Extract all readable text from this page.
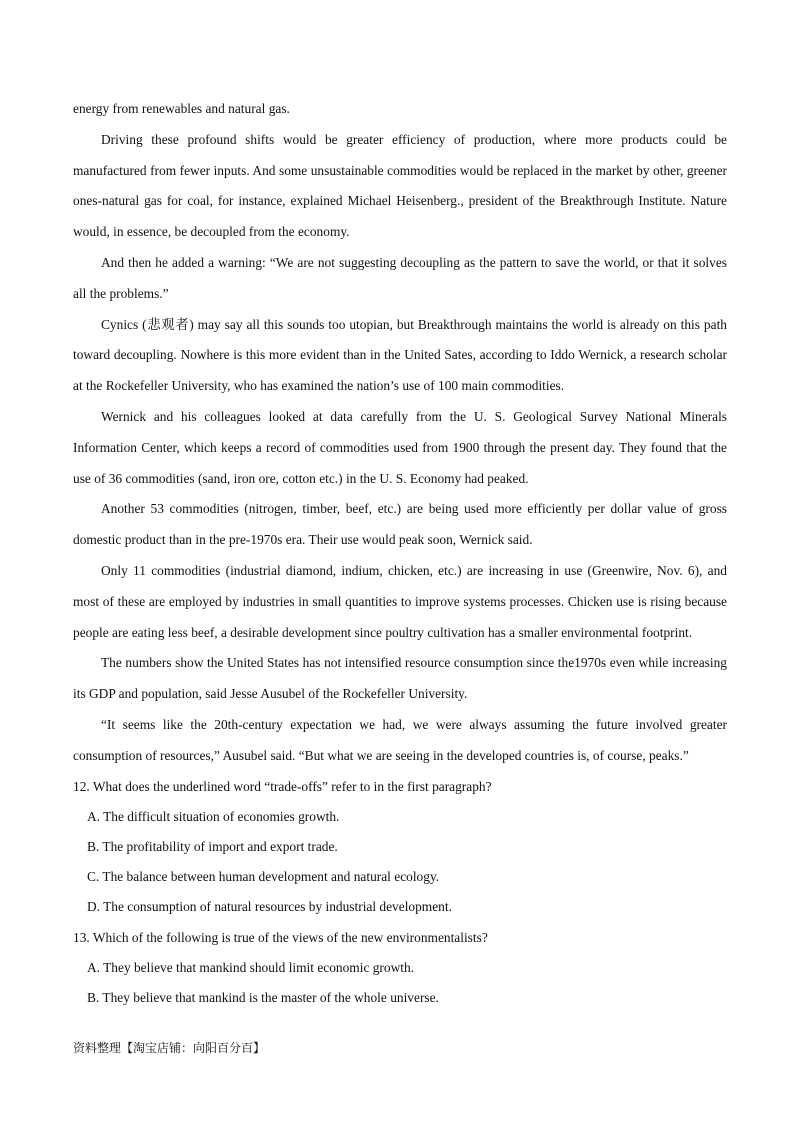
energy from renewables and natural gas.

Driving these profound shifts would be greater efficiency of production, where more products could be manufactured from fewer inputs. And some unsustainable commodities would be replaced in the market by other, greener ones-natural gas for coal, for instance, explained Michael Heisenberg., president of the Breakthrough Institute. Nature would, in essence, be decoupled from the economy.

And then he added a warning: “We are not suggesting decoupling as the pattern to save the world, or that it solves all the problems.”

Cynics (悲观者) may say all this sounds too utopian, but Breakthrough maintains the world is already on this path toward decoupling. Nowhere is this more evident than in the United Sates, according to Iddo Wernick, a research scholar at the Rockefeller University, who has examined the nation’s use of 100 main commodities.

Wernick and his colleagues looked at data carefully from the U. S. Geological Survey National Minerals Information Center, which keeps a record of commodities used from 1900 through the present day. They found that the use of 36 commodities (sand, iron ore, cotton etc.) in the U. S. Economy had peaked.

Another 53 commodities (nitrogen, timber, beef, etc.) are being used more efficiently per dollar value of gross domestic product than in the pre-1970s era. Their use would peak soon, Wernick said.

Only 11 commodities (industrial diamond, indium, chicken, etc.) are increasing in use (Greenwire, Nov. 6), and most of these are employed by industries in small quantities to improve systems processes. Chicken use is rising because people are eating less beef, a desirable development since poultry cultivation has a smaller environmental footprint.

The numbers show the United States has not intensified resource consumption since the1970s even while increasing its GDP and population, said Jesse Ausubel of the Rockefeller University.

“It seems like the 20th-century expectation we had, we were always assuming the future involved greater consumption of resources,” Ausubel said. “But what we are seeing in the developed countries is, of course, peaks.”

12. What does the underlined word “trade-offs” refer to in the first paragraph?

A. The difficult situation of economies growth.

B. The profitability of import and export trade.

C. The balance between human development and natural ecology.

D. The consumption of natural resources by industrial development.

13. Which of the following is true of the views of the new environmentalists?

A. They believe that mankind should limit economic growth.

B. They believe that mankind is the master of the whole universe.

资料整理【淘宝店铺：向阳百分百】
